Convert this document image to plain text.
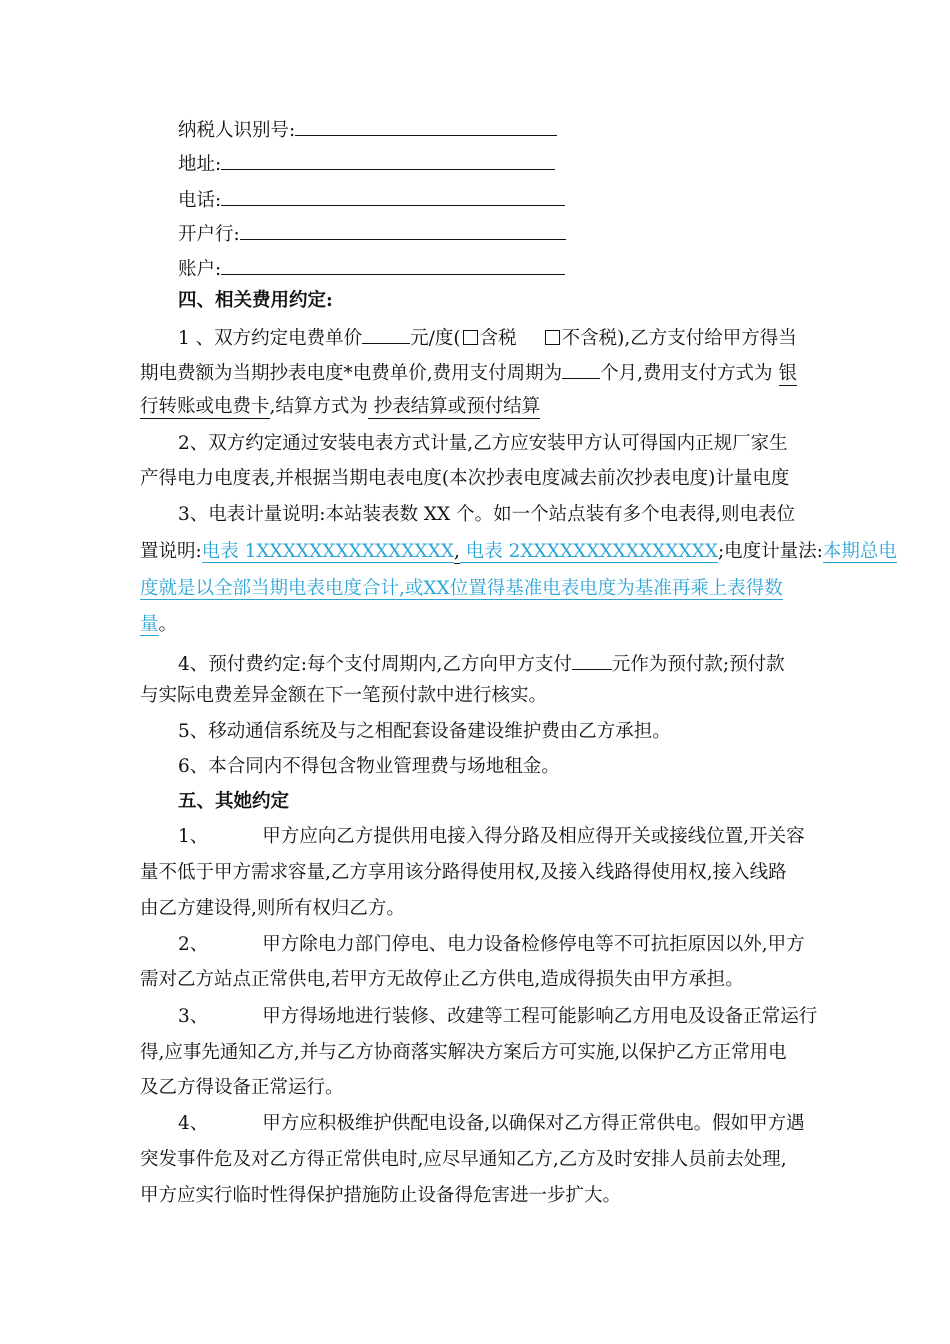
纳税人识别号:
地址:
电话:
开户行:
账户:
四、相关费用约定:
1 、双方约定电费单价	元/度( 含税 不含税),乙方支付给甲方得当
期电费额为当期抄表电度*电费单价,费用支付周期为 个月,费用支付方式为 银
行转账或电费卡,结算方式为 抄表结算或预付结算
2、双方约定通过安装电表方式计量,乙方应安装甲方认可得国内正规厂家生
产得电力电度表,并根据当期电表电度(本次抄表电度减去前次抄表电度)计量电度
3、电表计量说明:本站装表数 XX 个。如一个站点装有多个电表得,则电表位
置说明:电表 1XXXXXXXXXXXXXXX, 电表 2XXXXXXXXXXXXXXX;电度计量法:本期总电
度就是以全部当期电表电度合计,或XX位置得基准电表电度为基准再乘上表得数
量。
4、预付费约定:每个支付周期内,乙方向甲方支付 元作为预付款;预付款
与实际电费差异金额在下一笔预付款中进行核实。
5、移动通信系统及与之相配套设备建设维护费由乙方承担。
6、本合同内不得包含物业管理费与场地租金。
五、其她约定
1、	甲方应向乙方提供用电接入得分路及相应得开关或接线位置,开关容
量不低于甲方需求容量,乙方享用该分路得使用权,及接入线路得使用权,接入线路
由乙方建设得,则所有权归乙方。
2、	甲方除电力部门停电、电力设备检修停电等不可抗拒原因以外,甲方
需对乙方站点正常供电,若甲方无故停止乙方供电,造成得损失由甲方承担。
3、	甲方得场地进行装修、改建等工程可能影响乙方用电及设备正常运行
得,应事先通知乙方,并与乙方协商落实解决方案后方可实施,以保护乙方正常用电
及乙方得设备正常运行。
4、	甲方应积极维护供配电设备,以确保对乙方得正常供电。假如甲方遇
突发事件危及对乙方得正常供电时,应尽早通知乙方,乙方及时安排人员前去处理,
甲方应实行临时性得保护措施防止设备得危害进一步扩大。
